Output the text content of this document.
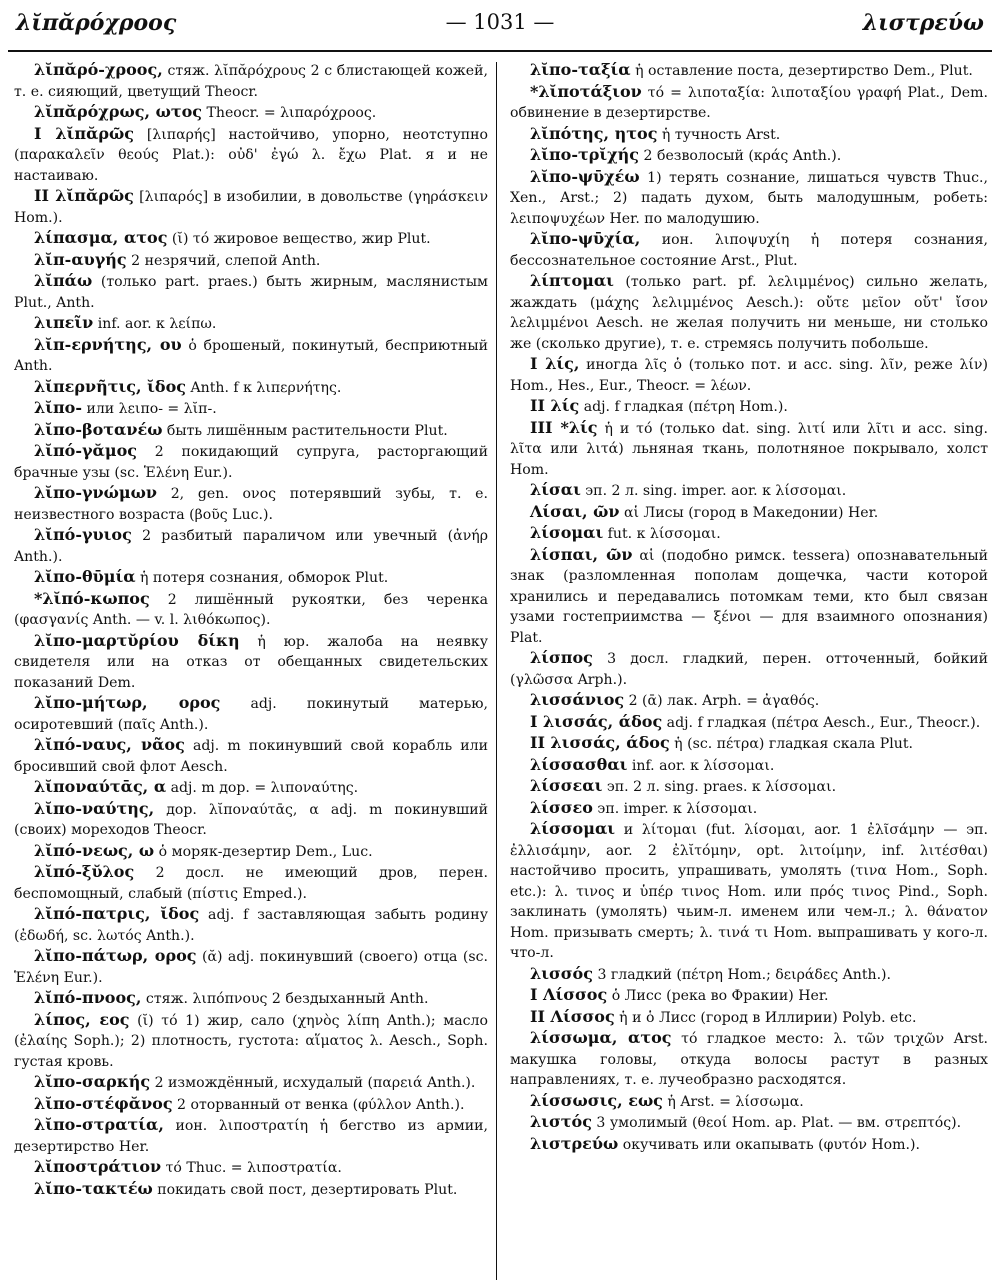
λῐπᾰρόχροος	— 1031 —	λιστρεύω

λῐπᾰρό-χροος, стяж. λῐπᾰρόχρους 2 с блистающей кожей, т. е. сияющий, цветущий Theocr.

λῐπᾰρόχρως, ωτος Theocr. = λιπαρόχροος.

I λῐπᾰρῶς [λιπαρής] настойчиво, упорно, неотступно (παρακαλεῖν θεούς Plat.): οὐδ' ἐγώ λ. ἔχω Plat. я и не настаиваю.

II λῐπᾰρῶς [λιπαρός] в изобилии, в довольстве (γηράσκειν Hom.).

λίπασμα, ατος (ῐ) τό жировое вещество, жир Plut.

λῐπ-αυγής 2 незрячий, слепой Anth.

λῐπάω (только part. praes.) быть жирным, маслянистым Plut., Anth.

λιπεῖν inf. aor. к λείπω.

λῐπ-ερνήτης, ου ὁ брошеный, покинутый, бесприютный Anth.

λῐπερνῆτις, ῐδος Anth. f к λιπερνήτης.

λῐπο- или λειπο- = λῐπ-.

λῐπο-βοτανέω быть лишённым растительности Plut.

λῐπό-γᾰμος 2 покидающий супруга, расторгающий брачные узы (sc. Ἑλένη Eur.).

λῐπο-γνώμων 2, gen. ονος потерявший зубы, т. е. неизвестного возраста (βοῦς Luc.).

λῐπό-γυιος 2 разбитый параличом или увечный (ἀνήρ Anth.).

λῐπο-θῡμία ἡ потеря сознания, обморок Plut.

*λῐπό-κωπος 2 лишённый рукоятки, без черенка (φασγανίς Anth. — v. l. λιθόκωπος).

λῐπο-μαρτῠρίου δίκη ἡ юр. жалоба на неявку свидетеля или на отказ от обещанных свидетельских показаний Dem.

λῐπο-μήτωρ, ορος adj. покинутый матерью, осиротевший (παῖς Anth.).

λῐπό-ναυς, νᾶος adj. m покинувший свой корабль или бросивший свой флот Aesch.

λῐποναύτᾱς, α adj. m дор. = λιποναύτης.

λῐπο-ναύτης, дор. λῐποναύτᾱς, α adj. m покинувший (своих) мореходов Theocr.

λῐπό-νεως, ω ὁ моряк-дезертир Dem., Luc.

λῐπό-ξῠλος 2 досл. не имеющий дров, перен. беспомощный, слабый (πίστις Emped.).

λῐπό-πατρις, ῐδος adj. f заставляющая забыть родину (ἐδωδή, sc. λωτός Anth.).

λῐπο-πάτωρ, ορος (ᾰ) adj. покинувший (своего) отца (sc. Ἑλένη Eur.).

λῐπό-πνοος, стяж. λιπόπνους 2 бездыханный Anth.

λίπος, εος (ῐ) τό 1) жир, сало (χηνὸς λίπη Anth.); масло (ἐλαίης Soph.); 2) плотность, густота: αἵματος λ. Aesch., Soph. густая кровь.

λῐπο-σαρκής 2 измождённый, исхудалый (παρειά Anth.).

λῐπο-στέφᾰνος 2 оторванный от венка (φύλλον Anth.).

λῐπο-στρατία, ион. λιποστρατίη ἡ бегство из армии, дезертирство Her.

λῐποστράτιον τό Thuc. = λιποστρατία.

λῐπο-τακτέω покидать свой пост, дезертировать Plut.

λῐπο-ταξία ἡ оставление поста, дезертирство Dem., Plut.

*λῐποτάξιον τό = λιποταξία: λιποταξίου γραφή Plat., Dem. обвинение в дезертирстве.

λῐπότης, ητος ἡ тучность Arst.

λῐπο-τρῐχής 2 безволосый (κράς Anth.).

λῐπο-ψῡχέω 1) терять сознание, лишаться чувств Thuc., Xen., Arst.; 2) падать духом, быть малодушным, робеть: λειποψυχέων Her. по малодушию.

λῐπο-ψῡχία, ион. λιποψυχίη ἡ потеря сознания, бессознательное состояние Arst., Plut.

λίπτομαι (только part. pf. λελιμμένος) сильно желать, жаждать (μάχης λελιμμένος Aesch.): οὔτε μεῖον οὔτ' ἴσον λελιμμένοι Aesch. не желая получить ни меньше, ни столько же (сколько другие), т. е. стремясь получить побольше.

I λίς, иногда λῖς ὁ (только пот. и acc. sing. λῖν, реже λίν) Hom., Hes., Eur., Theocr. = λέων.

II λίς adj. f гладкая (πέτρη Hom.).

III *λίς ἡ и τό (только dat. sing. λιτί или λῖτι и acc. sing. λῖτα или λιτά) льняная ткань, полотняное покрывало, холст Hom.

λίσαι эп. 2 л. sing. imper. aor. к λίσσομαι.

Λίσαι, ῶν αἱ Лисы (город в Македонии) Her.

λίσομαι fut. к λίσσομαι.

λίσπαι, ῶν αἱ (подобно римск. tessera) опознавательный знак (разломленная пополам дощечка, части которой хранились и передавались потомкам теми, кто был связан узами гостеприимства — ξένοι — для взаимного опознания) Plat.

λίσπος 3 досл. гладкий, перен. отточенный, бойкий (γλῶσσα Arph.).

λισσάνιος 2 (ᾱ) лак. Arph. = ἀγαθός.

I λισσάς, άδος adj. f гладкая (πέτρα Aesch., Eur., Theocr.).

II λισσάς, άδος ἡ (sc. πέτρα) гладкая скала Plut.

λίσσασθαι inf. aor. к λίσσομαι.

λίσσεαι эп. 2 л. sing. praes. к λίσσομαι.

λίσσεο эп. imper. к λίσσομαι.

λίσσομαι и λίτομαι (fut. λίσομαι, aor. 1 ἐλῖσάμην — эп. ἐλλισάμην, aor. 2 ἐλῐτόμην, opt. λιτοίμην, inf. λιτέσθαι) настойчиво просить, упрашивать, умолять (τινα Hom., Soph. etc.): λ. τινος и ὑπέρ τινος Hom. или πρός τινος Pind., Soph. заклинать (умолять) чьим-л. именем или чем-л.; λ. θάνατον Hom. призывать смерть; λ. τινά τι Hom. выпрашивать у кого-л. что-л.

λισσός 3 гладкий (πέτρη Hom.; δειράδες Anth.).

I Λίσσος ὁ Лисс (река во Фракии) Her.

II Λίσσος ἡ и ὁ Лисс (город в Иллирии) Polyb. etc.

λίσσωμα, ατος τό гладкое место: λ. τῶν τριχῶν Arst. макушка головы, откуда волосы растут в разных направлениях, т. е. лучеобразно расходятся.

λίσσωσις, εως ἡ Arst. = λίσσωμα.

λιστός 3 умолимый (θεοί Hom. ap. Plat. — вм. στρεπτός).

λιστρεύω окучивать или окапывать (φυτόν Hom.).
